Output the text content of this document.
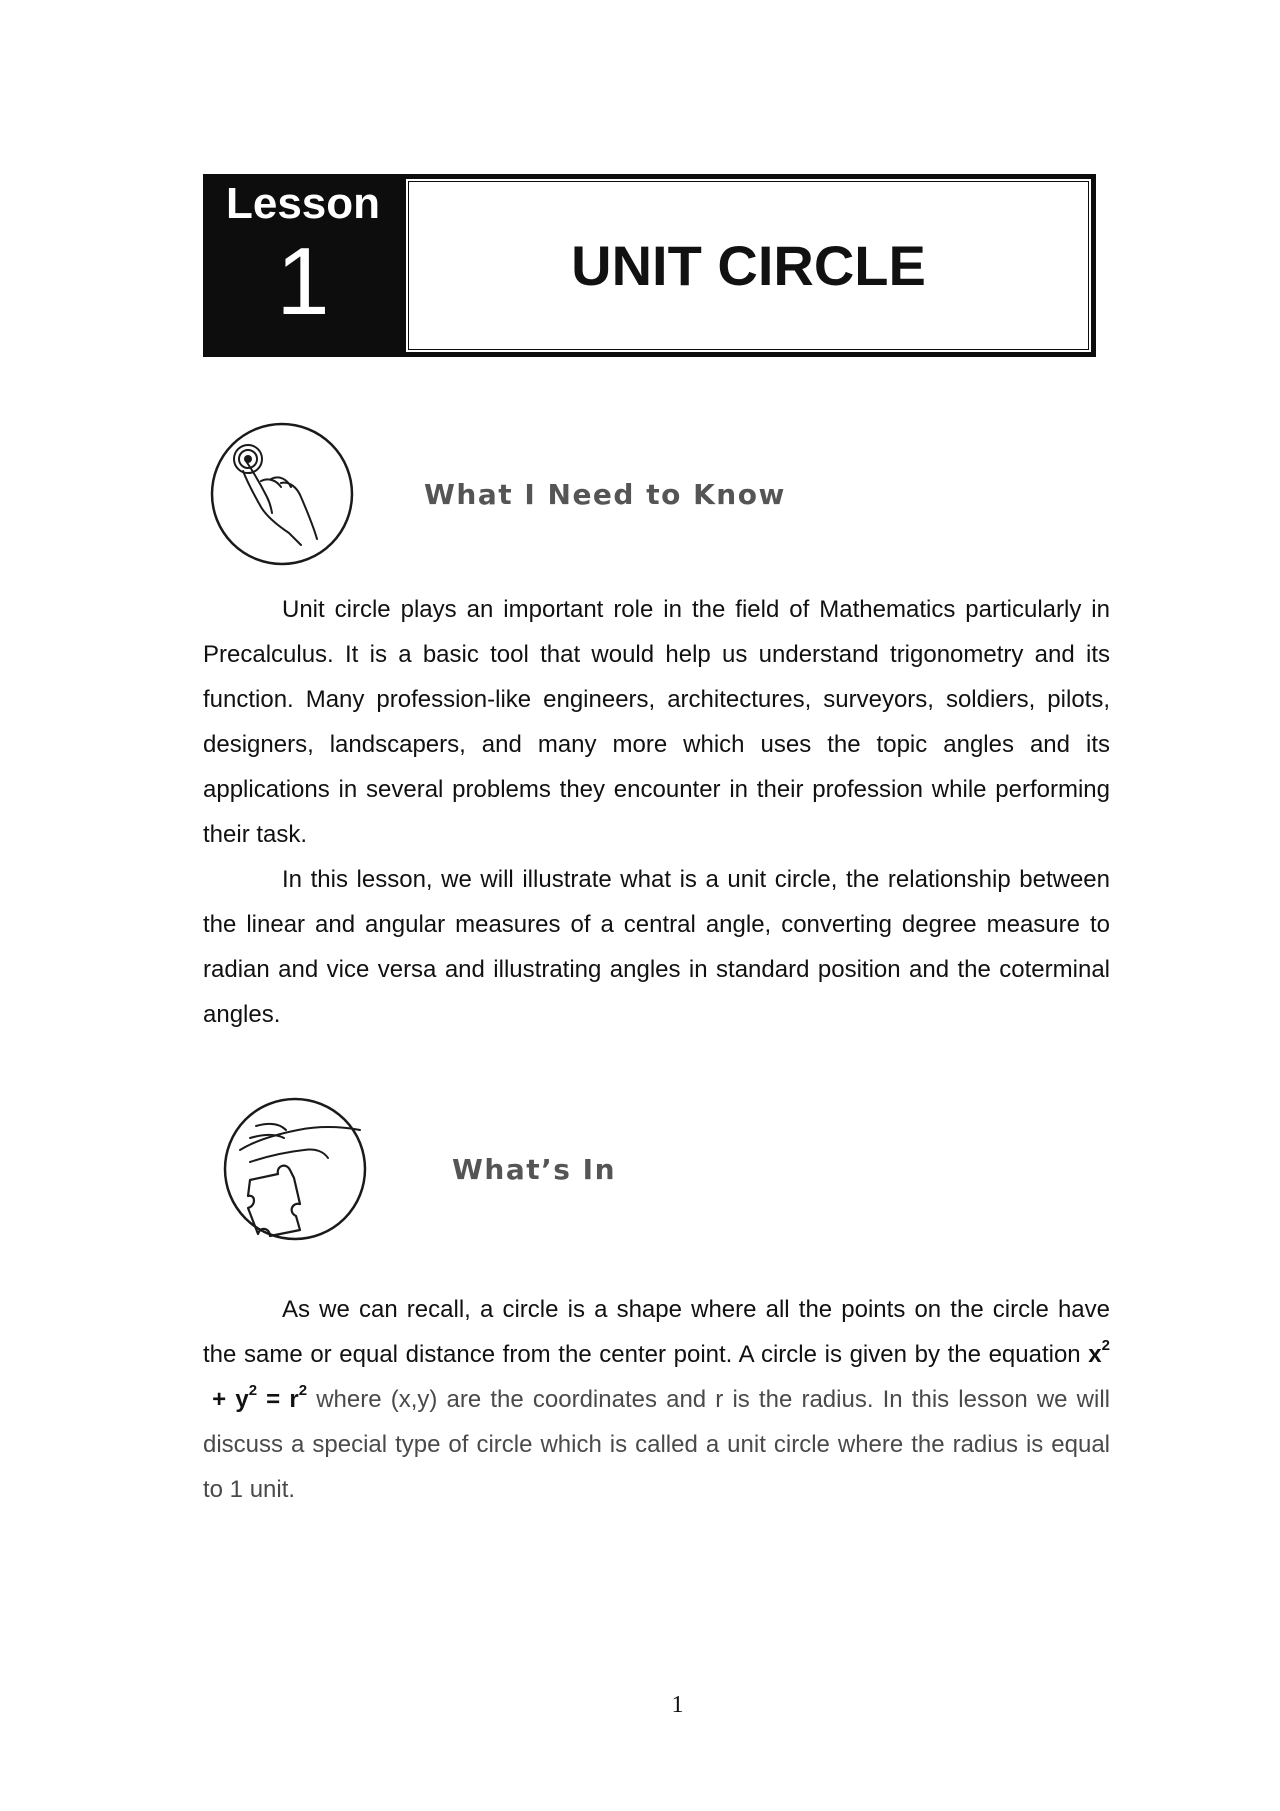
Lesson
1	UNIT CIRCLE
What I Need to Know

Unit circle plays an important role in the field of Mathematics particularly in Precalculus. It is a basic tool that would help us understand trigonometry and its function. Many profession-like engineers, architectures, surveyors, soldiers, pilots, designers, landscapers, and many more which uses the topic angles and its applications in several problems they encounter in their profession while performing their task.

In this lesson, we will illustrate what is a unit circle, the relationship between the linear and angular measures of a central angle, converting degree measure to radian and vice versa and illustrating angles in standard position and the coterminal angles.

What’s In

As we can recall, a circle is a shape where all the points on the circle have the same or equal distance from the center point. A circle is given by the equation $x^2 + y^2 = r^2$ where (x,y) are the coordinates and r is the radius. In this lesson we will discuss a special type of circle which is called a unit circle where the radius is equal to 1 unit.

1
